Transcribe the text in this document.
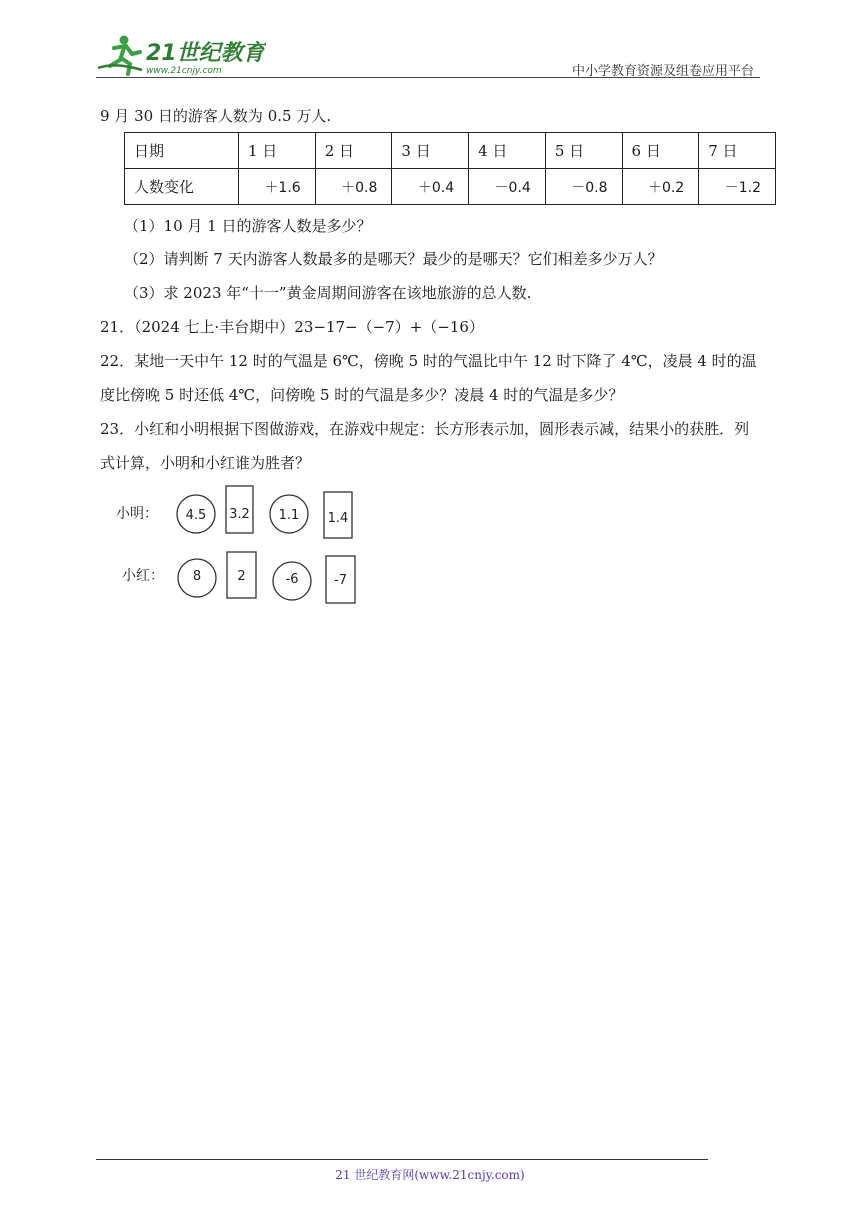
21世纪教育
www.21cnjy.com	中小学教育资源及组卷应用平台
9 月 30 日的游客人数为 0.5 万人.
日期	1 日	2 日	3 日	4 日	5 日	6 日	7 日
人数变化	＋1.6	＋0.8	＋0.4	－0.4	－0.8	＋0.2	－1.2
（1）10 月 1 日的游客人数是多少？
（2）请判断 7 天内游客人数最多的是哪天？最少的是哪天？它们相差多少万人？
（3）求 2023 年“十一”黄金周期间游客在该地旅游的总人数.
21．（2024 七上·丰台期中）23−17−（−7）+（−16）
22．某地一天中午 12 时的气温是 6℃，傍晚 5 时的气温比中午 12 时下降了 4℃，凌晨 4 时的温
度比傍晚 5 时还低 4℃，问傍晚 5 时的气温是多少？凌晨 4 时的气温是多少？
23．小红和小明根据下图做游戏，在游戏中规定：长方形表示加，圆形表示减，结果小的获胜．列
式计算，小明和小红谁为胜者？
小明： 4.5 3.2 1.1 1.4
小红： 8	2	-6	-7
21 世纪教育网(www.21cnjy.com)
